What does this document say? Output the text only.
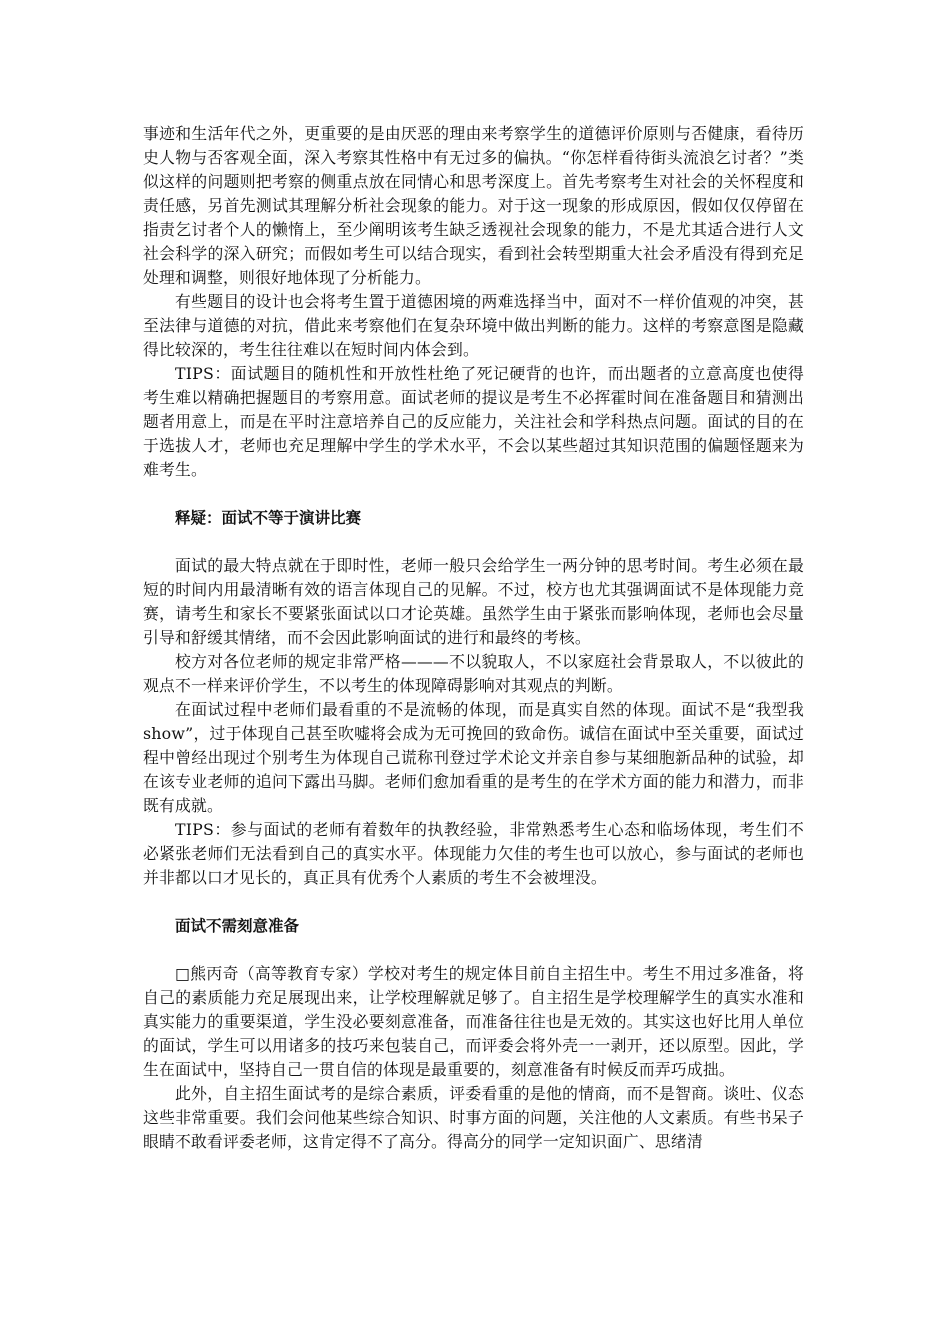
事迹和生活年代之外，更重要的是由厌恶的理由来考察学生的道德评价原则与否健康，看待历史人物与否客观全面，深入考察其性格中有无过多的偏执。“你怎样看待街头流浪乞讨者？”类似这样的问题则把考察的侧重点放在同情心和思考深度上。首先考察考生对社会的关怀程度和责任感，另首先测试其理解分析社会现象的能力。对于这一现象的形成原因，假如仅仅停留在指责乞讨者个人的懒惰上，至少阐明该考生缺乏透视社会现象的能力，不是尤其适合进行人文社会科学的深入研究；而假如考生可以结合现实，看到社会转型期重大社会矛盾没有得到充足处理和调整，则很好地体现了分析能力。

有些题目的设计也会将考生置于道德困境的两难选择当中，面对不一样价值观的冲突，甚至法律与道德的对抗，借此来考察他们在复杂环境中做出判断的能力。这样的考察意图是隐藏得比较深的，考生往往难以在短时间内体会到。

TIPS：面试题目的随机性和开放性杜绝了死记硬背的也许，而出题者的立意高度也使得考生难以精确把握题目的考察用意。面试老师的提议是考生不必挥霍时间在准备题目和猜测出题者用意上，而是在平时注意培养自己的反应能力，关注社会和学科热点问题。面试的目的在于选拔人才，老师也充足理解中学生的学术水平，不会以某些超过其知识范围的偏题怪题来为难考生。

释疑：面试不等于演讲比赛

面试的最大特点就在于即时性，老师一般只会给学生一两分钟的思考时间。考生必须在最短的时间内用最清晰有效的语言体现自己的见解。不过，校方也尤其强调面试不是体现能力竞赛，请考生和家长不要紧张面试以口才论英雄。虽然学生由于紧张而影响体现，老师也会尽量引导和舒缓其情绪，而不会因此影响面试的进行和最终的考核。

校方对各位老师的规定非常严格———不以貌取人，不以家庭社会背景取人，不以彼此的观点不一样来评价学生，不以考生的体现障碍影响对其观点的判断。

在面试过程中老师们最看重的不是流畅的体现，而是真实自然的体现。面试不是“我型我 show”，过于体现自己甚至吹嘘将会成为无可挽回的致命伤。诚信在面试中至关重要，面试过程中曾经出现过个别考生为体现自己谎称刊登过学术论文并亲自参与某细胞新品种的试验，却在该专业老师的追问下露出马脚。老师们愈加看重的是考生的在学术方面的能力和潜力，而非既有成就。

TIPS：参与面试的老师有着数年的执教经验，非常熟悉考生心态和临场体现，考生们不必紧张老师们无法看到自己的真实水平。体现能力欠佳的考生也可以放心，参与面试的老师也并非都以口才见长的，真正具有优秀个人素质的考生不会被埋没。

面试不需刻意准备

□熊丙奇（高等教育专家）学校对考生的规定体目前自主招生中。考生不用过多准备，将自己的素质能力充足展现出来，让学校理解就足够了。自主招生是学校理解学生的真实水准和真实能力的重要渠道，学生没必要刻意准备，而准备往往也是无效的。其实这也好比用人单位的面试，学生可以用诸多的技巧来包装自己，而评委会将外壳一一剥开，还以原型。因此，学生在面试中，坚持自己一贯自信的体现是最重要的，刻意准备有时候反而弄巧成拙。

此外，自主招生面试考的是综合素质，评委看重的是他的情商，而不是智商。谈吐、仪态这些非常重要。我们会问他某些综合知识、时事方面的问题，关注他的人文素质。有些书呆子眼睛不敢看评委老师，这肯定得不了高分。得高分的同学一定知识面广、思绪清
